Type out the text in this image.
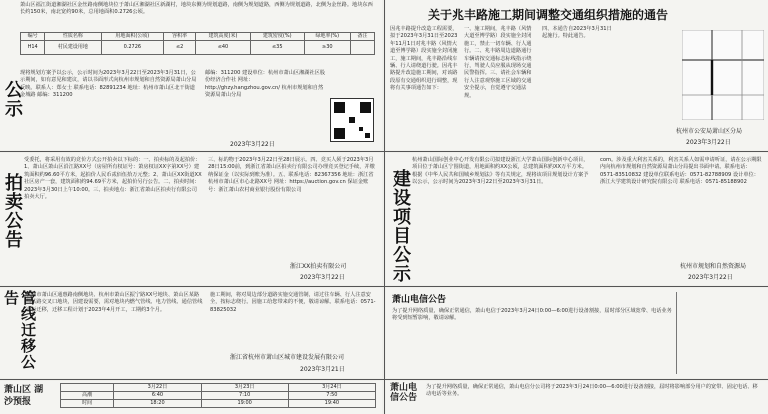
萧山区福江街道湘湖社区金丝路南侧地块位于萧山区湘湖社区新湖村，地块东侧为规划道路，南侧为规划道路，西侧为规划道路，北侧为金丝路。地块东西长约150米，南北宽约90米，总用地面积0.2726公顷。
编号	性质名称	用地面积(公顷)	容积率	建筑高度(米)	建筑密度(%)	绿地率(%)	备注
H14	村民建设用地	0.2726	≤2	≤40	≤35	≥30	
公示
现将规划方案予以公示，公示时间为2023年3月22日至2023年3月31日，公示期间，如有意见和建议，请以书面形式向杭州市规划和自然资源局萧山分局反映。联系人：郑女士 联系电话：82891234 地址：杭州市萧山区北干街道金城路 邮编：311200
邮编：311200 建设单位：杭州市萧山区湘湖社区股份经济合作社 网址：http://ghzy.hangzhou.gov.cn/ 杭州市规划和自然资源局萧山分局
2023年3月22日
关于兆丰路施工期间调整交通组织措施的通告
因兆丰路提升改造工程需要，拟于2023年3月31日至2023年11月1日对兆丰路（风情大道至博学路）段实施全封闭施工，施工期间，兆丰路沿线车辆、行人请绕道行驶。因兆丰路提升改造施工期间，对该路段原有交通组织进行调整，现将有关事项通告如下：
一、施工期间，兆丰路（风情大道至博学路）段实施全封闭施工，禁止一切车辆、行人通行。二、兆丰路周边道路通行车辆请按交通标志标线指示绕行，驾驶人员应服从现场交通民警指挥。三、请社会车辆和行人注意观察施工区域的交通安全提示，自觉遵守交通法规。
四、本通告自2023年3月31日起施行。特此通告。
杭州市公安局萧山区分局
2023年3月22日
拍卖公告
受委托，将采用有效的竞价方式公开拍卖以下标的：一、拍卖标的及起拍价：1、萧山区萧山区沿江路XX号（房屋所有权证号：萧房权证XX字第XX号）建筑面积约96.60平方米，起拍价人民币贰佰伍拾万元整；2、萧山区XX街道XX社区房产一套，建筑面积约94.69平方米，起拍价另行公告。二、拍卖时间：2023年3月30日上午10:00。三、拍卖地点：浙江省萧山区拍卖行有限公司拍卖大厅。
三、标的物于2023年3月22日至28日展示。四、竞买人须于2023年3月28日15:00前，到浙江省萧山区拍卖行有限公司办理竞买登记手续，并缴纳保证金（以实际到账为准）。五、联系电话：82367356 地址：浙江省杭州市萧山区市心北路XX号 网址：https://auction.gov.cn 保证金账号：浙江萧山农村商业银行股份有限公司
浙江XX拍卖有限公司
2023年3月22日	建设项目公示
杭州萧山国际创业中心开发有限公司拟建设浙江大学萧山国际创新中心项目，项目位于萧山区宁围街道，用地面积约XX公顷，总建筑面积约XX万平方米。根据《中华人民共和国城乡规划法》等有关规定，现将该项目规划设计方案予以公示，公示时间为2023年3月22日至2023年3月31日。
com。涉及重大利害关系的，利害关系人如需申请听证，请在公示期限内向杭州市规划和自然资源局萧山分局提出书面申请。联系电话：0571-83510832 建设单位联系电话：0571-82788909 设计单位：浙江大学建筑设计研究院有限公司 联系电话：0571-85188902
杭州市规划和自然资源局
2023年3月22日
管线迁移公告	杭州市萧山区通惠路南侧地块、杭州市萧山区振宁路XX号地块、萧山区某路与某路交叉口地块，因建设需要，需对地块内燃气管线、电力管线、通信管线进行迁移，迁移工程计划于2023年4月开工，工期约3个月。
施工期间，将对周边部分道路实施交通管制，请过往车辆、行人注意安全，按标志绕行。因施工给您带来的不便，敬请谅解。联系电话：0571-83825032
浙江省杭州市萧山区城市建设发展有限公司
2023年3月21日
萧山电信公告
为了提升网络质量，确保正常通信，萧山电信于2023年3月24日0:00—6:00进行设备割接，届时部分区域宽带、电话业务将受到短暂影响，敬请谅解。
萧山区 湖沙预报
	3月22日	3月23日	3月24日
高潮	6:40	7:10	7:50
时间	18:20	19:00	19:40
萧山电信公告
为了提升网络质量，确保正常通信，萧山电信分公司将于2023年3月24日0:00—6:00进行设备割接，届时将影响部分用户的宽带、固定电话、移动电话等业务。
